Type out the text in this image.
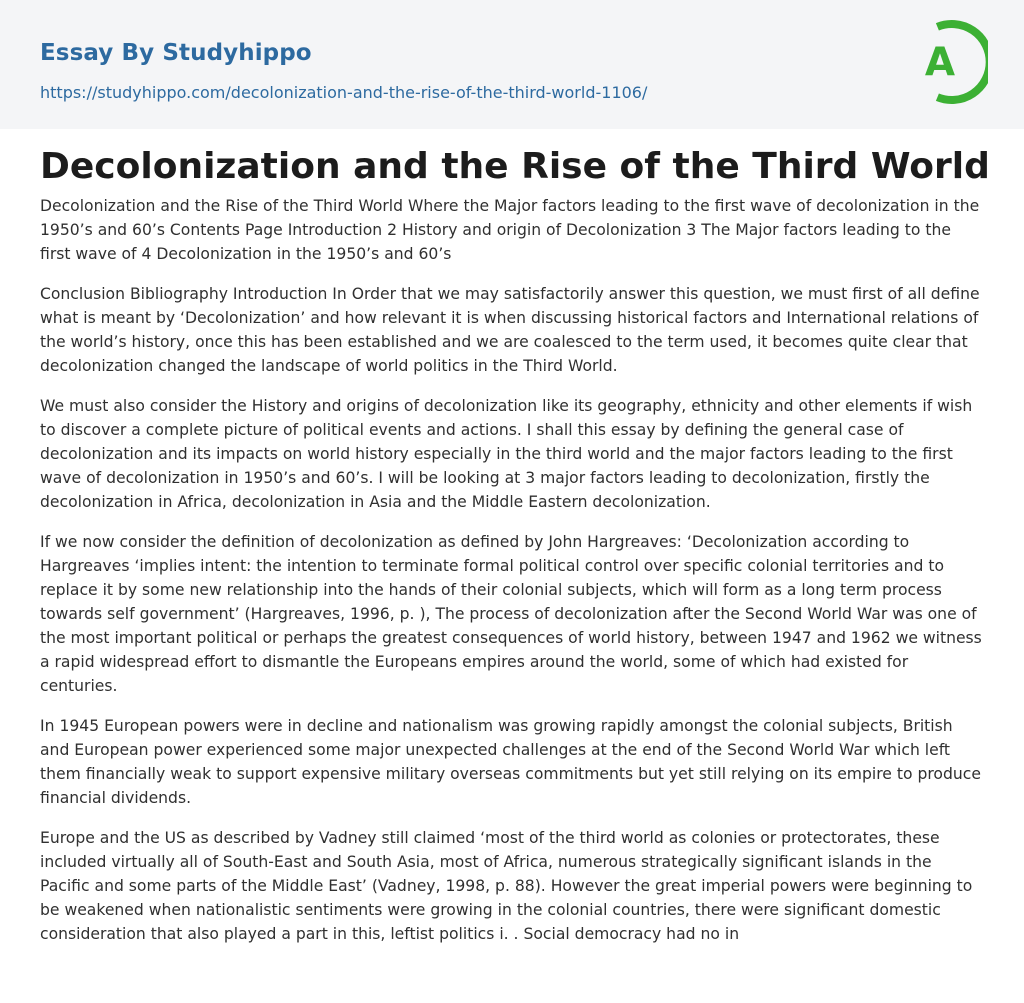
Essay By Studyhippo
https://studyhippo.com/decolonization-and-the-rise-of-the-third-world-1106/
A
Decolonization and the Rise of the Third World

Decolonization and the Rise of the Third World Where the Major factors leading to the first wave of decolonization in the 1950’s and 60’s Contents Page Introduction 2 History and origin of Decolonization 3 The Major factors leading to the first wave of 4 Decolonization in the 1950’s and 60’s

Conclusion Bibliography Introduction In Order that we may satisfactorily answer this question, we must first of all define what is meant by ‘Decolonization’ and how relevant it is when discussing historical factors and International relations of the world’s history, once this has been established and we are coalesced to the term used, it becomes quite clear that decolonization changed the landscape of world politics in the Third World.

We must also consider the History and origins of decolonization like its geography, ethnicity and other elements if wish to discover a complete picture of political events and actions. I shall this essay by defining the general case of decolonization and its impacts on world history especially in the third world and the major factors leading to the first wave of decolonization in 1950’s and 60’s. I will be looking at 3 major factors leading to decolonization, firstly the decolonization in Africa, decolonization in Asia and the Middle Eastern decolonization.

If we now consider the definition of decolonization as defined by John Hargreaves: ‘Decolonization according to Hargreaves ‘implies intent: the intention to terminate formal political control over specific colonial territories and to replace it by some new relationship into the hands of their colonial subjects, which will form as a long term process towards self government’ (Hargreaves, 1996, p. ), The process of decolonization after the Second World War was one of the most important political or perhaps the greatest consequences of world history, between 1947 and 1962 we witness a rapid widespread effort to dismantle the Europeans empires around the world, some of which had existed for centuries.

In 1945 European powers were in decline and nationalism was growing rapidly amongst the colonial subjects, British and European power experienced some major unexpected challenges at the end of the Second World War which left them financially weak to support expensive military overseas commitments but yet still relying on its empire to produce financial dividends.

Europe and the US as described by Vadney still claimed ‘most of the third world as colonies or protectorates, these included virtually all of South-East and South Asia, most of Africa, numerous strategically significant islands in the Pacific and some parts of the Middle East’ (Vadney, 1998, p. 88). However the great imperial powers were beginning to be weakened when nationalistic sentiments were growing in the colonial countries, there were significant domestic consideration that also played a part in this, leftist politics i. . Social democracy had no in
